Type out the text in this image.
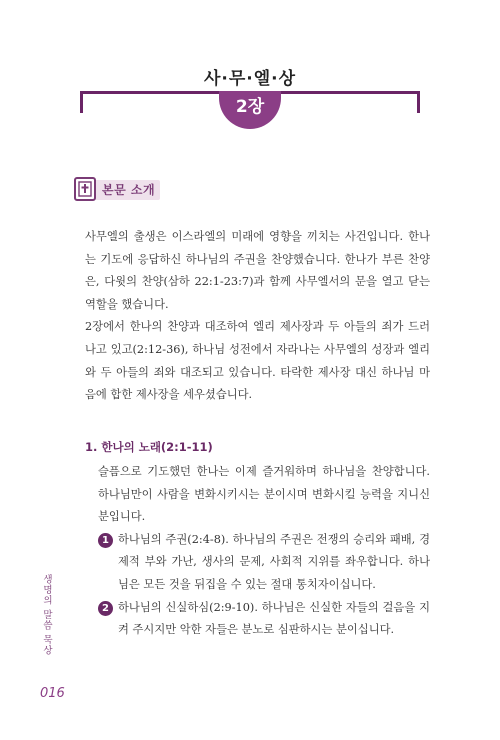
사·무·엘·상
2장
본문 소개

사무엘의 출생은 이스라엘의 미래에 영향을 끼치는 사건입니다. 한나는 기도에 응답하신 하나님의 주권을 찬양했습니다. 한나가 부른 찬양은, 다윗의 찬양(삼하 22:1-23:7)과 함께 사무엘서의 문을 열고 닫는 역할을 했습니다.

2장에서 한나의 찬양과 대조하여 엘리 제사장과 두 아들의 죄가 드러나고 있고(2:12-36), 하나님 성전에서 자라나는 사무엘의 성장과 엘리와 두 아들의 죄와 대조되고 있습니다. 타락한 제사장 대신 하나님 마음에 합한 제사장을 세우셨습니다.

1. 한나의 노래(2:1-11)

슬픔으로 기도했던 한나는 이제 즐거워하며 하나님을 찬양합니다. 하나님만이 사람을 변화시키시는 분이시며 변화시킬 능력을 지니신 분입니다.

1 하나님의 주권(2:4-8). 하나님의 주권은 전쟁의 승리와 패배, 경제적 부와 가난, 생사의 문제, 사회적 지위를 좌우합니다. 하나님은 모든 것을 뒤집을 수 있는 절대 통치자이십니다.

2 하나님의 신실하심(2:9-10). 하나님은 신실한 자들의 걸음을 지켜 주시지만 악한 자들은 분노로 심판하시는 분이십니다.

생명의 말씀 묵상
016
